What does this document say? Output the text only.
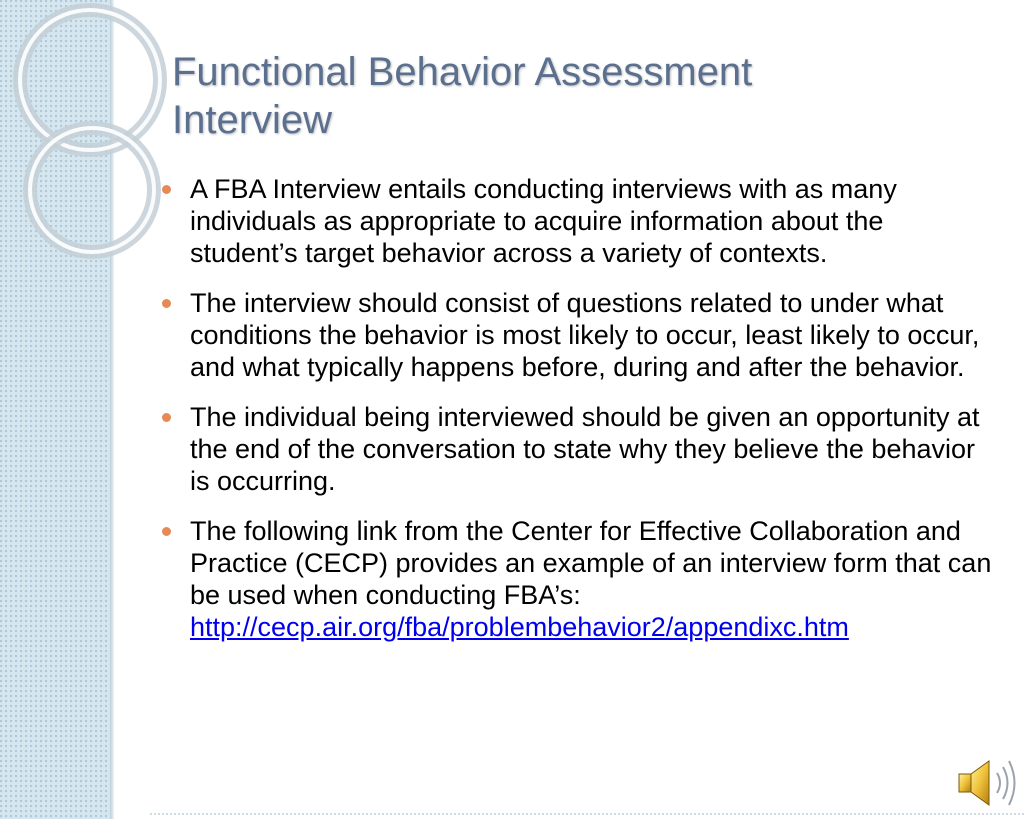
Functional Behavior Assessment
Interview
A FBA Interview entails conducting interviews with as many individuals as appropriate to acquire information about the student’s target behavior across a variety of contexts.
The interview should consist of questions related to under what conditions the behavior is most likely to occur, least likely to occur, and what typically happens before, during and after the behavior.
The individual being interviewed should be given an opportunity at the end of the conversation to state why they believe the behavior is occurring.
The following link from the Center for Effective Collaboration and Practice (CECP) provides an example of an interview form that can be used when conducting FBA’s:
http://cecp.air.org/fba/problembehavior2/appendixc.htm
